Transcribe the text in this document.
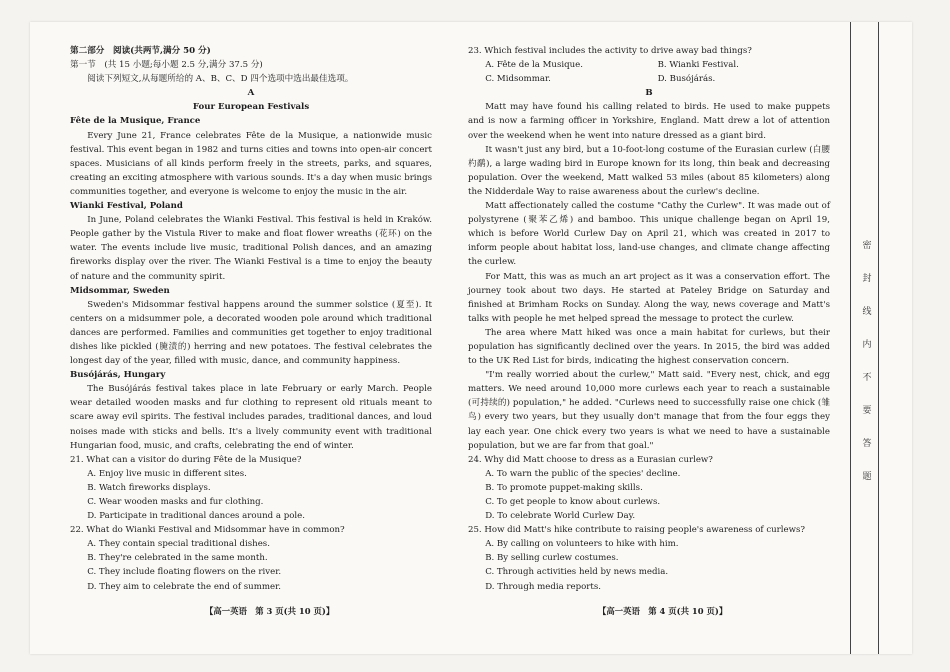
第二部分　阅读(共两节,满分 50 分)

第一节　(共 15 小题;每小题 2.5 分,满分 37.5 分)

阅读下列短文,从每题所给的 A、B、C、D 四个选项中选出最佳选项。

A

Four European Festivals

Fête de la Musique, France

Every June 21, France celebrates Fête de la Musique, a nationwide music festival. This event began in 1982 and turns cities and towns into open-air concert spaces. Musicians of all kinds perform freely in the streets, parks, and squares, creating an exciting atmosphere with various sounds. It's a day when music brings communities together, and everyone is welcome to enjoy the music in the air.

Wianki Festival, Poland

In June, Poland celebrates the Wianki Festival. This festival is held in Kraków. People gather by the Vistula River to make and float flower wreaths (花环) on the water. The events include live music, traditional Polish dances, and an amazing fireworks display over the river. The Wianki Festival is a time to enjoy the beauty of nature and the community spirit.

Midsommar, Sweden

Sweden's Midsommar festival happens around the summer solstice (夏至). It centers on a midsummer pole, a decorated wooden pole around which traditional dances are performed. Families and communities get together to enjoy traditional dishes like pickled (腌渍的) herring and new potatoes. The festival celebrates the longest day of the year, filled with music, dance, and community happiness.

Busójárás, Hungary

The Busójárás festival takes place in late February or early March. People wear detailed wooden masks and fur clothing to represent old rituals meant to scare away evil spirits. The festival includes parades, traditional dances, and loud noises made with sticks and bells. It's a lively community event with traditional Hungarian food, music, and crafts, celebrating the end of winter.

21. What can a visitor do during Fête de la Musique?

A. Enjoy live music in different sites.

B. Watch fireworks displays.

C. Wear wooden masks and fur clothing.

D. Participate in traditional dances around a pole.

22. What do Wianki Festival and Midsommar have in common?

A. They contain special traditional dishes.

B. They're celebrated in the same month.

C. They include floating flowers on the river.

D. They aim to celebrate the end of summer.

23. Which festival includes the activity to drive away bad things?

A. Fête de la Musique.	B. Wianki Festival.
C. Midsommar.	D. Busójárás.

B

Matt may have found his calling related to birds. He used to make puppets and is now a farming officer in Yorkshire, England. Matt drew a lot of attention over the weekend when he went into nature dressed as a giant bird.

It wasn't just any bird, but a 10-foot-long costume of the Eurasian curlew (白腰杓鹬), a large wading bird in Europe known for its long, thin beak and decreasing population. Over the weekend, Matt walked 53 miles (about 85 kilometers) along the Nidderdale Way to raise awareness about the curlew's decline.

Matt affectionately called the costume "Cathy the Curlew". It was made out of polystyrene (聚苯乙烯) and bamboo. This unique challenge began on April 19, which is before World Curlew Day on April 21, which was created in 2017 to inform people about habitat loss, land-use changes, and climate change affecting the curlew.

For Matt, this was as much an art project as it was a conservation effort. The journey took about two days. He started at Pateley Bridge on Saturday and finished at Brimham Rocks on Sunday. Along the way, news coverage and Matt's talks with people he met helped spread the message to protect the curlew.

The area where Matt hiked was once a main habitat for curlews, but their population has significantly declined over the years. In 2015, the bird was added to the UK Red List for birds, indicating the highest conservation concern.

"I'm really worried about the curlew," Matt said. "Every nest, chick, and egg matters. We need around 10,000 more curlews each year to reach a sustainable (可持续的) population," he added. "Curlews need to successfully raise one chick (雏鸟) every two years, but they usually don't manage that from the four eggs they lay each year. One chick every two years is what we need to have a sustainable population, but we are far from that goal."

24. Why did Matt choose to dress as a Eurasian curlew?

A. To warn the public of the species' decline.

B. To promote puppet-making skills.

C. To get people to know about curlews.

D. To celebrate World Curlew Day.

25. How did Matt's hike contribute to raising people's awareness of curlews?

A. By calling on volunteers to hike with him.

B. By selling curlew costumes.

C. Through activities held by news media.

D. Through media reports.

【高一英语　第 3 页(共 10 页)】	【高一英语　第 4 页(共 10 页)】
密
封
线
内
不
要
答
题
